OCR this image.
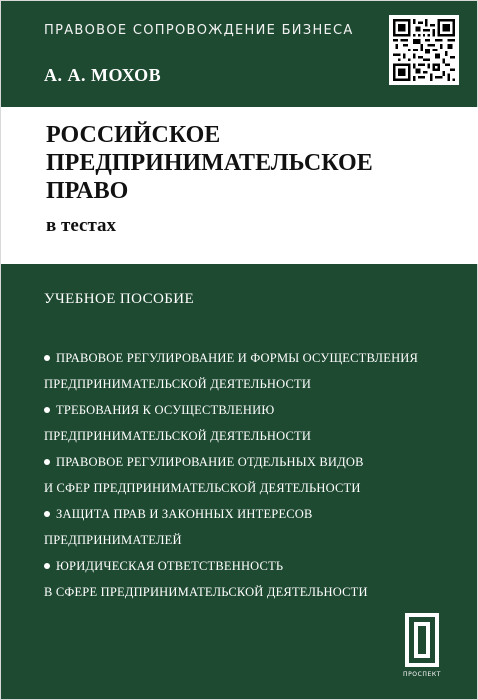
ПРАВОВОЕ СОПРОВОЖДЕНИЕ БИЗНЕСА
А. А. МОХОВ
РОССИЙСКОЕ
ПРЕДПРИНИМАТЕЛЬСКОЕ
ПРАВО
в тестах
УЧЕБНОЕ ПОСОБИЕ
ПРАВОВОЕ РЕГУЛИРОВАНИЕ И ФОРМЫ ОСУЩЕСТВЛЕНИЯ
ПРЕДПРИНИМАТЕЛЬСКОЙ ДЕЯТЕЛЬНОСТИ
ТРЕБОВАНИЯ К ОСУЩЕСТВЛЕНИЮ
ПРЕДПРИНИМАТЕЛЬСКОЙ ДЕЯТЕЛЬНОСТИ
ПРАВОВОЕ РЕГУЛИРОВАНИЕ ОТДЕЛЬНЫХ ВИДОВ
И СФЕР ПРЕДПРИНИМАТЕЛЬСКОЙ ДЕЯТЕЛЬНОСТИ
ЗАЩИТА ПРАВ И ЗАКОННЫХ ИНТЕРЕСОВ
ПРЕДПРИНИМАТЕЛЕЙ
ЮРИДИЧЕСКАЯ ОТВЕТСТВЕННОСТЬ
В СФЕРЕ ПРЕДПРИНИМАТЕЛЬСКОЙ ДЕЯТЕЛЬНОСТИ
ПРОСПЕКТ
